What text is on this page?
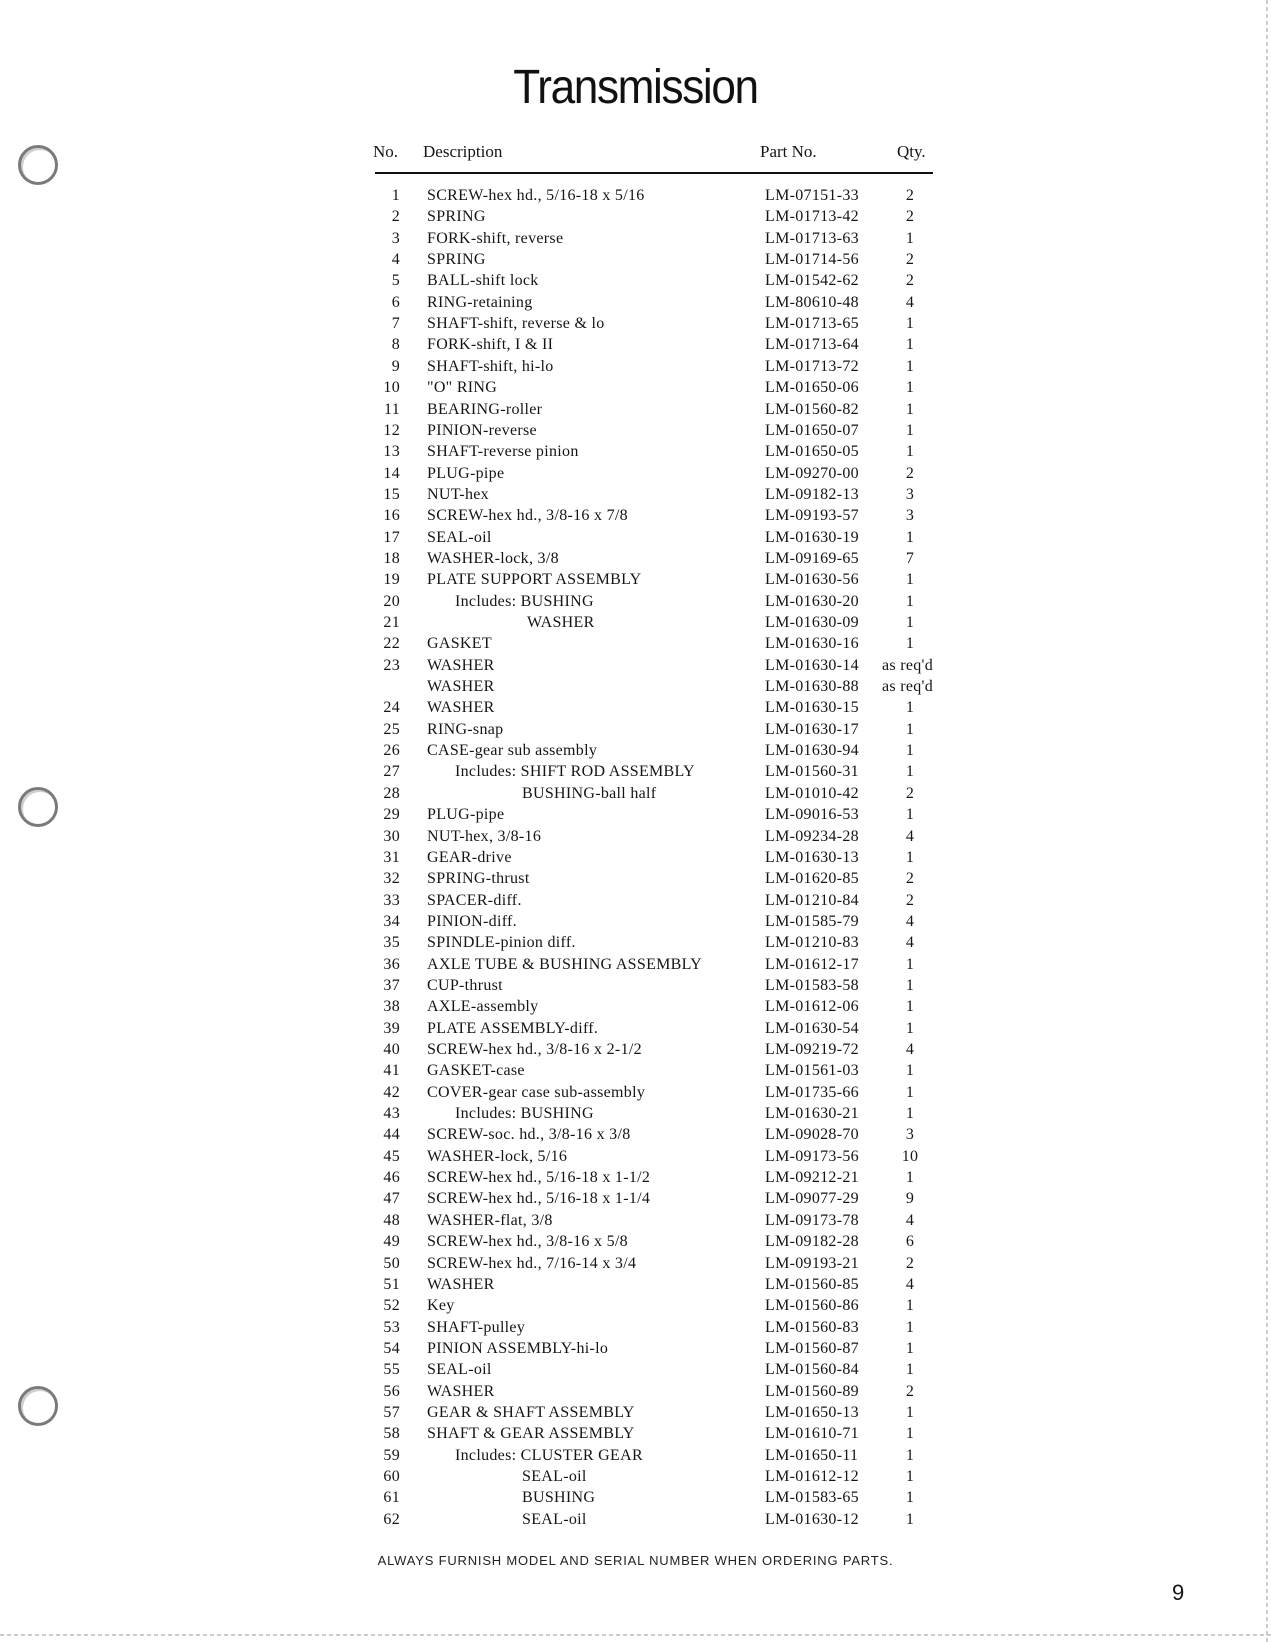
Transmission
No. Description	Part No.	Qty.
1 SCREW-hex hd., 5/16-18 x 5/16	LM-07151-33	2
2 SPRING	LM-01713-42	2
3 FORK-shift, reverse	LM-01713-63	1
4 SPRING	LM-01714-56	2
5 BALL-shift lock	LM-01542-62	2
6 RING-retaining	LM-80610-48	4
7 SHAFT-shift, reverse & lo	LM-01713-65	1
8 FORK-shift, I & II	LM-01713-64	1
9 SHAFT-shift, hi-lo	LM-01713-72	1
10 "O" RING	LM-01650-06	1
11 BEARING-roller	LM-01560-82	1
12 PINION-reverse	LM-01650-07	1
13 SHAFT-reverse pinion	LM-01650-05	1
14 PLUG-pipe	LM-09270-00	2
15 NUT-hex	LM-09182-13	3
16 SCREW-hex hd., 3/8-16 x 7/8	LM-09193-57	3
17 SEAL-oil	LM-01630-19	1
18 WASHER-lock, 3/8	LM-09169-65	7
19 PLATE SUPPORT ASSEMBLY	LM-01630-56	1
20	Includes: BUSHING	LM-01630-20	1
21	WASHER	LM-01630-09	1
22 GASKET	LM-01630-16	1
23 WASHER	LM-01630-14 as req'd
WASHER	LM-01630-88 as req'd
24 WASHER	LM-01630-15	1
25 RING-snap	LM-01630-17	1
26 CASE-gear sub assembly	LM-01630-94	1
27	Includes: SHIFT ROD ASSEMBLY	LM-01560-31	1
28	BUSHING-ball half	LM-01010-42	2
29 PLUG-pipe	LM-09016-53	1
30 NUT-hex, 3/8-16	LM-09234-28	4
31 GEAR-drive	LM-01630-13	1
32 SPRING-thrust	LM-01620-85	2
33 SPACER-diff.	LM-01210-84	2
34 PINION-diff.	LM-01585-79	4
35 SPINDLE-pinion diff.	LM-01210-83	4
36 AXLE TUBE & BUSHING ASSEMBLY	LM-01612-17	1
37 CUP-thrust	LM-01583-58	1
38 AXLE-assembly	LM-01612-06	1
39 PLATE ASSEMBLY-diff.	LM-01630-54	1
40 SCREW-hex hd., 3/8-16 x 2-1/2	LM-09219-72	4
41 GASKET-case	LM-01561-03	1
42 COVER-gear case sub-assembly	LM-01735-66	1
43	Includes: BUSHING	LM-01630-21	1
44 SCREW-soc. hd., 3/8-16 x 3/8	LM-09028-70	3
45 WASHER-lock, 5/16	LM-09173-56	10
46 SCREW-hex hd., 5/16-18 x 1-1/2	LM-09212-21	1
47 SCREW-hex hd., 5/16-18 x 1-1/4	LM-09077-29	9
48 WASHER-flat, 3/8	LM-09173-78	4
49 SCREW-hex hd., 3/8-16 x 5/8	LM-09182-28	6
50 SCREW-hex hd., 7/16-14 x 3/4	LM-09193-21	2
51 WASHER	LM-01560-85	4
52 Key	LM-01560-86	1
53 SHAFT-pulley	LM-01560-83	1
54 PINION ASSEMBLY-hi-lo	LM-01560-87	1
55 SEAL-oil	LM-01560-84	1
56 WASHER	LM-01560-89	2
57 GEAR & SHAFT ASSEMBLY	LM-01650-13	1
58 SHAFT & GEAR ASSEMBLY	LM-01610-71	1
59	Includes: CLUSTER GEAR	LM-01650-11	1
60	SEAL-oil	LM-01612-12	1
61	BUSHING	LM-01583-65	1
62	SEAL-oil	LM-01630-12	1
ALWAYS FURNISH MODEL AND SERIAL NUMBER WHEN ORDERING PARTS.
9
